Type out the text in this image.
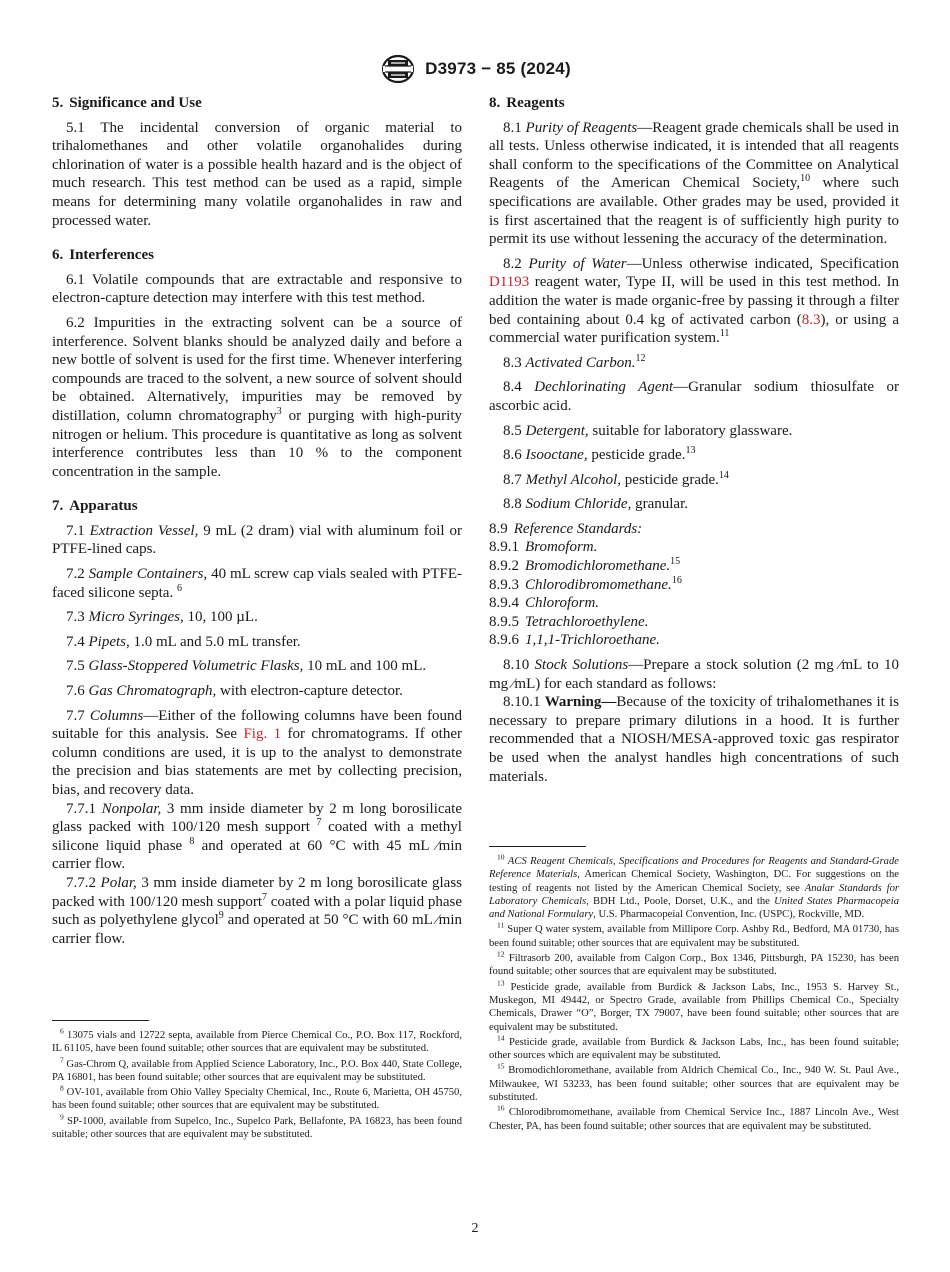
D3973 − 85 (2024)
5. Significance and Use

5.1 The incidental conversion of organic material to trihalomethanes and other volatile organohalides during chlorination of water is a possible health hazard and is the object of much research. This test method can be used as a rapid, simple means for determining many volatile organohalides in raw and processed water.

6. Interferences

6.1 Volatile compounds that are extractable and responsive to electron-capture detection may interfere with this test method.

6.2 Impurities in the extracting solvent can be a source of interference. Solvent blanks should be analyzed daily and before a new bottle of solvent is used for the first time. Whenever interfering compounds are traced to the solvent, a new source of solvent should be obtained. Alternatively, impurities may be removed by distillation, column chromatography$^3$ or purging with high-purity nitrogen or helium. This procedure is quantitative as long as solvent interference contributes less than 10 % to the component concentration in the sample.

7. Apparatus

7.1 Extraction Vessel, 9 mL (2 dram) vial with aluminum foil or PTFE-lined caps.

7.2 Sample Containers, 40 mL screw cap vials sealed with PTFE-faced silicone septa. $^6$

7.3 Micro Syringes, 10, 100 µL.

7.4 Pipets, 1.0 mL and 5.0 mL transfer.

7.5 Glass-Stoppered Volumetric Flasks, 10 mL and 100 mL.

7.6 Gas Chromatograph, with electron-capture detector.

7.7 Columns—Either of the following columns have been found suitable for this analysis. See Fig. 1 for chromatograms. If other column conditions are used, it is up to the analyst to demonstrate the precision and bias statements are met by collecting precision, bias, and recovery data.

7.7.1 Nonpolar, 3 mm inside diameter by 2 m long borosilicate glass packed with 100/120 mesh support $^7$ coated with a methyl silicone liquid phase $^8$ and operated at 60 °C with 45 mL ⁄min carrier flow.

7.7.2 Polar, 3 mm inside diameter by 2 m long borosilicate glass packed with 100/120 mesh support$^7$ coated with a polar liquid phase such as polyethylene glycol$^9$ and operated at 50 °C with 60 mL ⁄min carrier flow.

$^6$ 13075 vials and 12722 septa, available from Pierce Chemical Co., P.O. Box 117, Rockford, IL 61105, have been found suitable; other sources that are equivalent may be substituted.

$^7$ Gas-Chrom Q, available from Applied Science Laboratory, Inc., P.O. Box 440, State College, PA 16801, has been found suitable; other sources that are equivalent may be substituted.

$^8$ OV-101, available from Ohio Valley Specialty Chemical, Inc., Route 6, Marietta, OH 45750, has been found suitable; other sources that are equivalent may be substituted.

$^9$ SP-1000, available from Supelco, Inc., Supelco Park, Bellafonte, PA 16823, has been found suitable; other sources that are equivalent may be substituted.

8. Reagents

8.1 Purity of Reagents—Reagent grade chemicals shall be used in all tests. Unless otherwise indicated, it is intended that all reagents shall conform to the specifications of the Committee on Analytical Reagents of the American Chemical Society,$^{10}$ where such specifications are available. Other grades may be used, provided it is first ascertained that the reagent is of sufficiently high purity to permit its use without lessening the accuracy of the determination.

8.2 Purity of Water—Unless otherwise indicated, Specification D1193 reagent water, Type II, will be used in this test method. In addition the water is made organic-free by passing it through a filter bed containing about 0.4 kg of activated carbon (8.3), or using a commercial water purification system.$^{11}$

8.3 Activated Carbon.$^{12}$

8.4 Dechlorinating Agent—Granular sodium thiosulfate or ascorbic acid.

8.5 Detergent, suitable for laboratory glassware.

8.6 Isooctane, pesticide grade.$^{13}$

8.7 Methyl Alcohol, pesticide grade.$^{14}$

8.8 Sodium Chloride, granular.

8.9 Reference Standards:
8.9.1 Bromoform.
8.9.2 Bromodichloromethane.$^{15}$
8.9.3 Chlorodibromomethane.$^{16}$
8.9.4 Chloroform.
8.9.5 Tetrachloroethylene.
8.9.6 1,1,1-Trichloroethane.

8.10 Stock Solutions—Prepare a stock solution (2 mg ⁄mL to 10 mg ⁄mL) for each standard as follows:

8.10.1 Warning—Because of the toxicity of trihalomethanes it is necessary to prepare primary dilutions in a hood. It is further recommended that a NIOSH/MESA-approved toxic gas respirator be used when the analyst handles high concentrations of such materials.

$^{10}$ ACS Reagent Chemicals, Specifications and Procedures for Reagents and Standard-Grade Reference Materials, American Chemical Society, Washington, DC. For suggestions on the testing of reagents not listed by the American Chemical Society, see Analar Standards for Laboratory Chemicals, BDH Ltd., Poole, Dorset, U.K., and the United States Pharmacopeia and National Formulary, U.S. Pharmacopeial Convention, Inc. (USPC), Rockville, MD.

$^{11}$ Super Q water system, available from Millipore Corp. Ashby Rd., Bedford, MA 01730, has been found suitable; other sources that are equivalent may be substituted.

$^{12}$ Filtrasorb 200, available from Calgon Corp., Box 1346, Pittsburgh, PA 15230, has been found suitable; other sources that are equivalent may be substituted.

$^{13}$ Pesticide grade, available from Burdick & Jackson Labs, Inc., 1953 S. Harvey St., Muskegon, MI 49442, or Spectro Grade, available from Phillips Chemical Co., Specialty Chemicals, Drawer “O”, Borger, TX 79007, have been found suitable; other sources that are equivalent may be substituted.

$^{14}$ Pesticide grade, available from Burdick & Jackson Labs, Inc., has been found suitable; other sources which are equivalent may be substituted.

$^{15}$ Bromodichloromethane, available from Aldrich Chemical Co., Inc., 940 W. St. Paul Ave., Milwaukee, WI 53233, has been found suitable; other sources that are equivalent may be substituted.

$^{16}$ Chlorodibromomethane, available from Chemical Service Inc., 1887 Lincoln Ave., West Chester, PA, has been found suitable; other sources that are equivalent may be substituted.

2
